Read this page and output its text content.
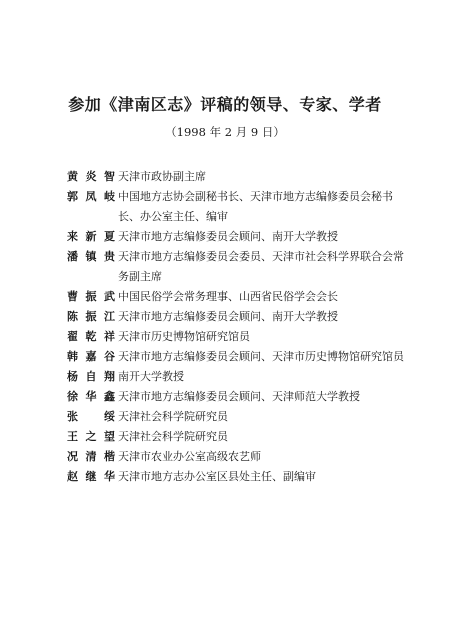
参加《津南区志》评稿的领导、专家、学者
（1998 年 2 月 9 日）
黄炎智 天津市政协副主席
郭凤岐 中国地方志协会副秘书长、天津市地方志编修委员会秘书长、办公室主任、编审
来新夏 天津市地方志编修委员会顾问、南开大学教授
潘镇贵 天津市地方志编修委员会委员、天津市社会科学界联合会常务副主席
曹振武 中国民俗学会常务理事、山西省民俗学会会长
陈振江 天津市地方志编修委员会顾问、南开大学教授
翟乾祥 天津市历史博物馆研究馆员
韩嘉谷 天津市地方志编修委员会顾问、天津市历史博物馆研究馆员
杨自翔 南开大学教授
徐华鑫 天津市地方志编修委员会顾问、天津师范大学教授
张　绥 天津社会科学院研究员
王之望 天津社会科学院研究员
况清楷 天津市农业办公室高级农艺师
赵继华 天津市地方志办公室区县处主任、副编审
